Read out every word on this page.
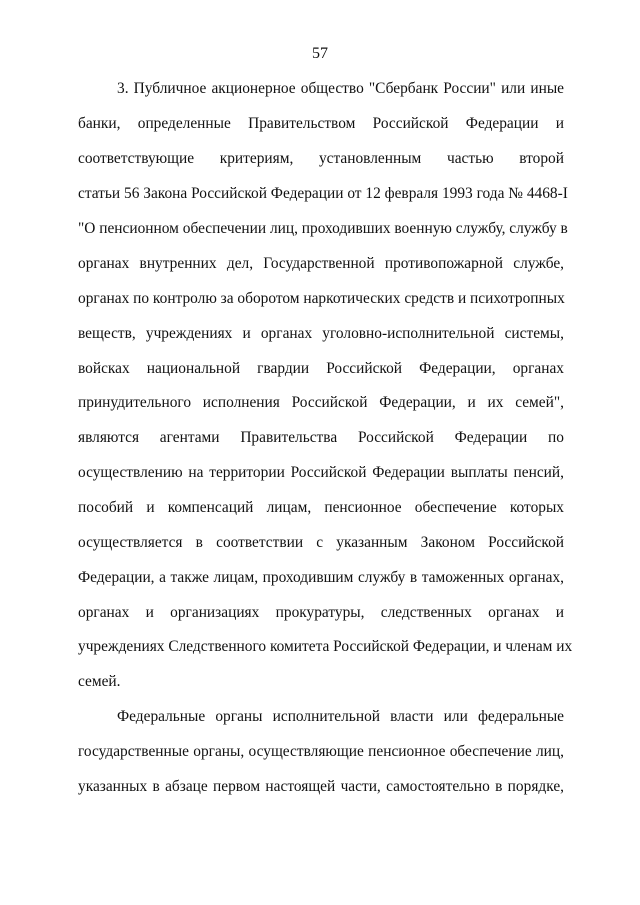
57
3. Публичное акционерное общество "Сбербанк России" или иные
банки, определенные Правительством Российской Федерации и
соответствующие критериям, установленным частью второй
статьи 56 Закона Российской Федерации от 12 февраля 1993 года № 4468-I
"О пенсионном обеспечении лиц, проходивших военную службу, службу в
органах внутренних дел, Государственной противопожарной службе,
органах по контролю за оборотом наркотических средств и психотропных
веществ, учреждениях и органах уголовно-исполнительной системы,
войсках национальной гвардии Российской Федерации, органах
принудительного исполнения Российской Федерации, и их семей",
являются агентами Правительства Российской Федерации по
осуществлению на территории Российской Федерации выплаты пенсий,
пособий и компенсаций лицам, пенсионное обеспечение которых
осуществляется в соответствии с указанным Законом Российской
Федерации, а также лицам, проходившим службу в таможенных органах,
органах и организациях прокуратуры, следственных органах и
учреждениях Следственного комитета Российской Федерации, и членам их
семей.
Федеральные органы исполнительной власти или федеральные
государственные органы, осуществляющие пенсионное обеспечение лиц,
указанных в абзаце первом настоящей части, самостоятельно в порядке,
